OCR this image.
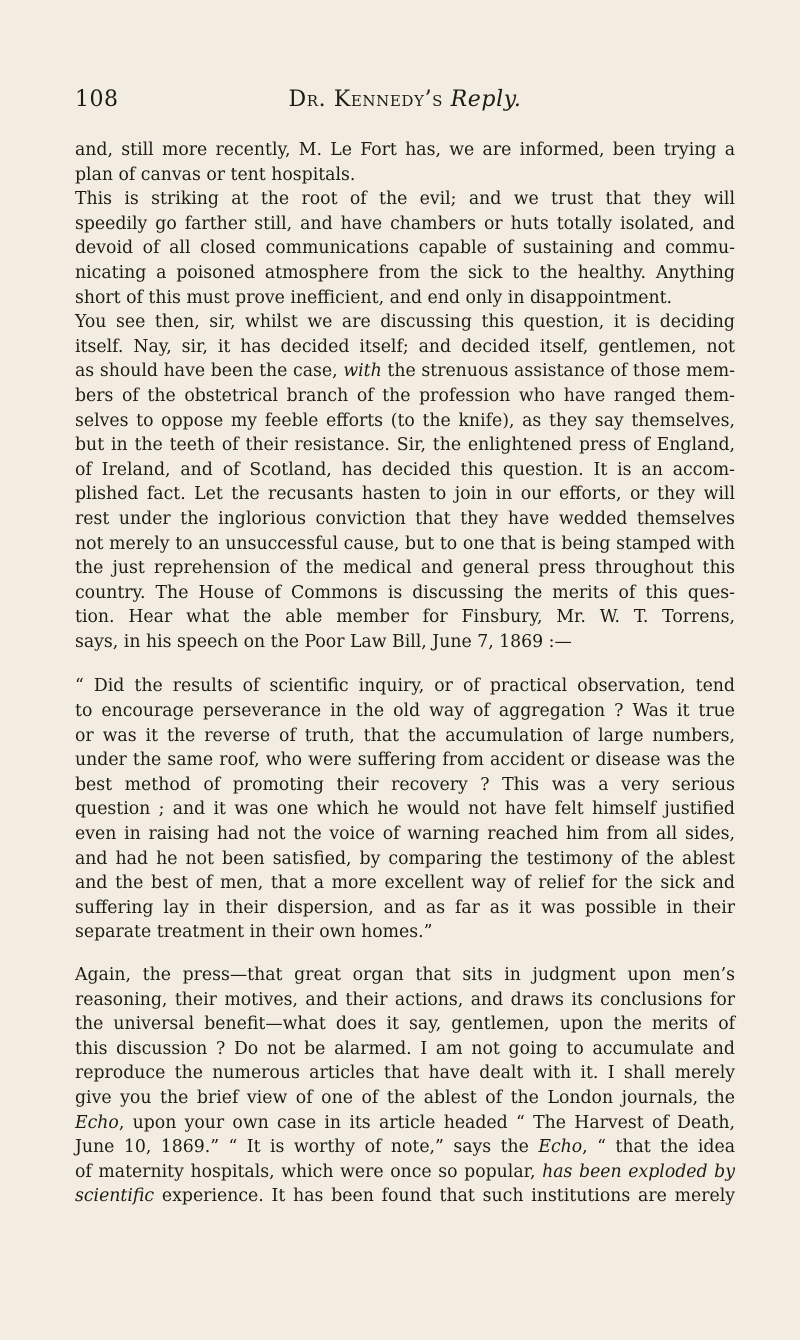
108	Dr. Kennedy’s Reply.

and, still more recently, M. Le Fort has, we are informed, been trying a
plan of canvas or tent hospitals.

This is striking at the root of the evil; and we trust that they will
speedily go farther still, and have chambers or huts totally isolated, and
devoid of all closed communications capable of sustaining and commu-
nicating a poisoned atmosphere from the sick to the healthy. Anything
short of this must prove inefficient, and end only in disappointment.

You see then, sir, whilst we are discussing this question, it is deciding
itself. Nay, sir, it has decided itself; and decided itself, gentlemen, not
as should have been the case, with the strenuous assistance of those mem-
bers of the obstetrical branch of the profession who have ranged them-
selves to oppose my feeble efforts (to the knife), as they say themselves,
but in the teeth of their resistance. Sir, the enlightened press of England,
of Ireland, and of Scotland, has decided this question. It is an accom-
plished fact. Let the recusants hasten to join in our efforts, or they will
rest under the inglorious conviction that they have wedded themselves
not merely to an unsuccessful cause, but to one that is being stamped with
the just reprehension of the medical and general press throughout this
country. The House of Commons is discussing the merits of this ques-
tion. Hear what the able member for Finsbury, Mr. W. T. Torrens,
says, in his speech on the Poor Law Bill, June 7, 1869 :—

“ Did the results of scientific inquiry, or of practical observation, tend
to encourage perseverance in the old way of aggregation ? Was it true
or was it the reverse of truth, that the accumulation of large numbers,
under the same roof, who were suffering from accident or disease was the
best method of promoting their recovery ? This was a very serious
question ; and it was one which he would not have felt himself justified
even in raising had not the voice of warning reached him from all sides,
and had he not been satisfied, by comparing the testimony of the ablest
and the best of men, that a more excellent way of relief for the sick and
suffering lay in their dispersion, and as far as it was possible in their
separate treatment in their own homes.”

Again, the press—that great organ that sits in judgment upon men’s
reasoning, their motives, and their actions, and draws its conclusions for
the universal benefit—what does it say, gentlemen, upon the merits of
this discussion ? Do not be alarmed. I am not going to accumulate and
reproduce the numerous articles that have dealt with it. I shall merely
give you the brief view of one of the ablest of the London journals, the
Echo, upon your own case in its article headed “ The Harvest of Death,
June 10, 1869.” “ It is worthy of note,” says the Echo, “ that the idea
of maternity hospitals, which were once so popular, has been exploded by
scientific experience. It has been found that such institutions are merely
